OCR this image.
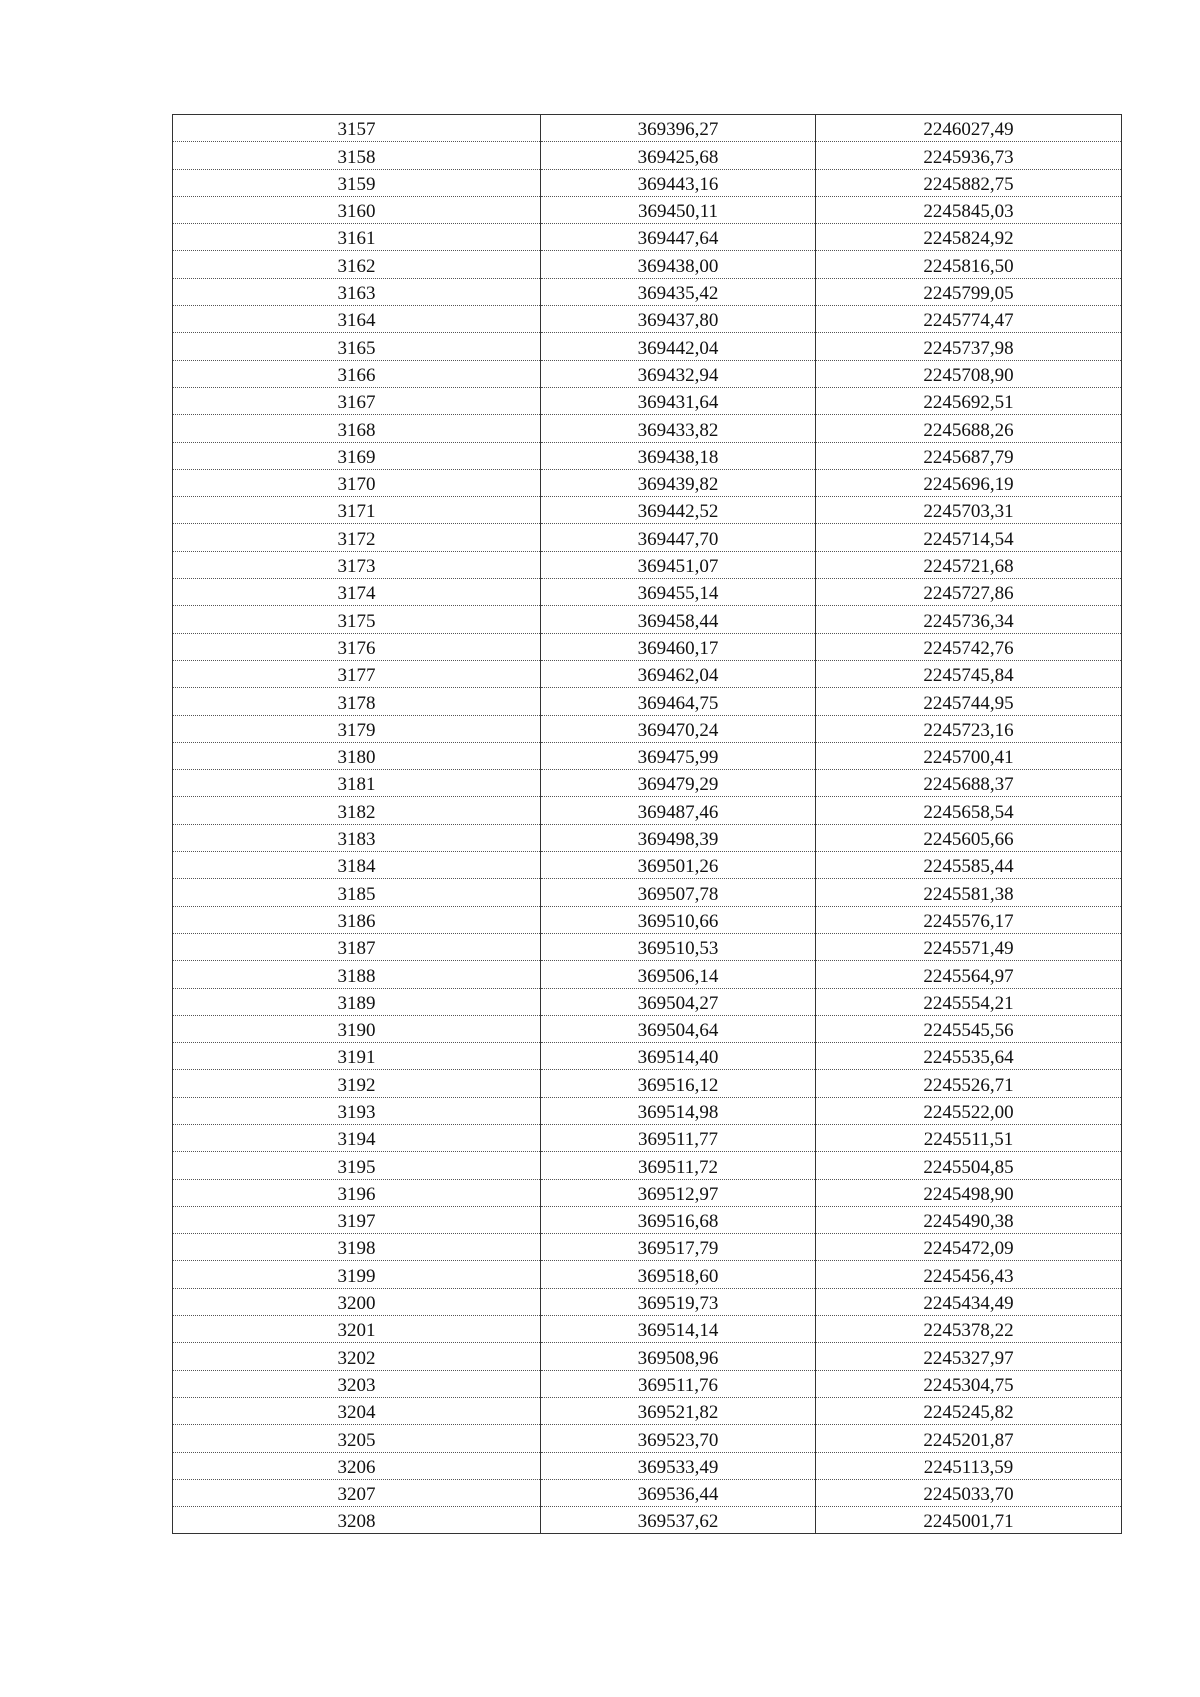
3157	369396,27	2246027,49
3158	369425,68	2245936,73
3159	369443,16	2245882,75
3160	369450,11	2245845,03
3161	369447,64	2245824,92
3162	369438,00	2245816,50
3163	369435,42	2245799,05
3164	369437,80	2245774,47
3165	369442,04	2245737,98
3166	369432,94	2245708,90
3167	369431,64	2245692,51
3168	369433,82	2245688,26
3169	369438,18	2245687,79
3170	369439,82	2245696,19
3171	369442,52	2245703,31
3172	369447,70	2245714,54
3173	369451,07	2245721,68
3174	369455,14	2245727,86
3175	369458,44	2245736,34
3176	369460,17	2245742,76
3177	369462,04	2245745,84
3178	369464,75	2245744,95
3179	369470,24	2245723,16
3180	369475,99	2245700,41
3181	369479,29	2245688,37
3182	369487,46	2245658,54
3183	369498,39	2245605,66
3184	369501,26	2245585,44
3185	369507,78	2245581,38
3186	369510,66	2245576,17
3187	369510,53	2245571,49
3188	369506,14	2245564,97
3189	369504,27	2245554,21
3190	369504,64	2245545,56
3191	369514,40	2245535,64
3192	369516,12	2245526,71
3193	369514,98	2245522,00
3194	369511,77	2245511,51
3195	369511,72	2245504,85
3196	369512,97	2245498,90
3197	369516,68	2245490,38
3198	369517,79	2245472,09
3199	369518,60	2245456,43
3200	369519,73	2245434,49
3201	369514,14	2245378,22
3202	369508,96	2245327,97
3203	369511,76	2245304,75
3204	369521,82	2245245,82
3205	369523,70	2245201,87
3206	369533,49	2245113,59
3207	369536,44	2245033,70
3208	369537,62	2245001,71
